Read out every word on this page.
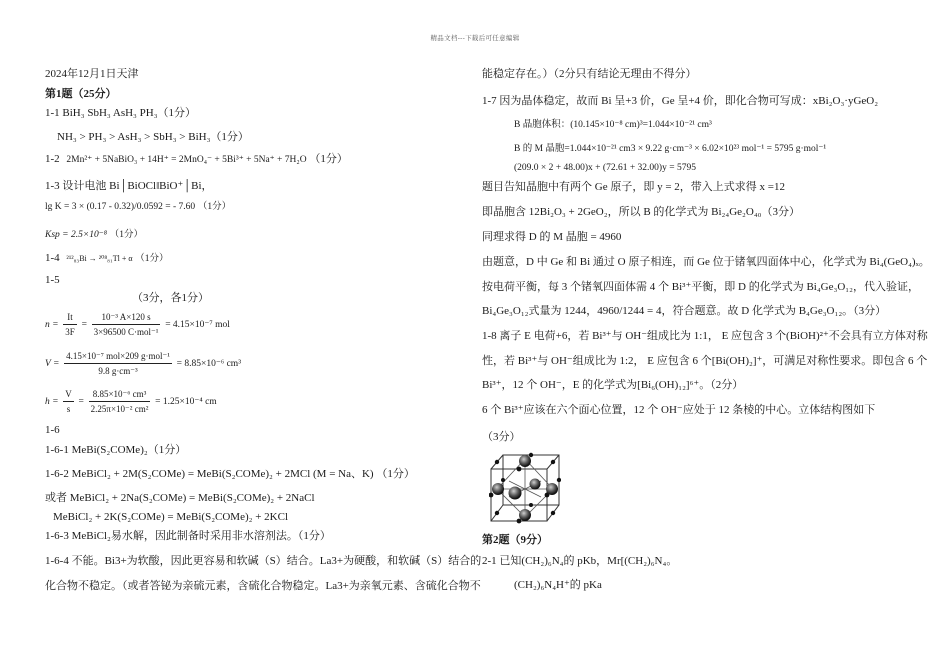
精品文档---下载后可任意编辑
2024年12月1日天津
第1题（25分）
1-1 BiH₃ SbH₃ AsH₃ PH₃（1分）
NH₃ > PH₃ > AsH₃ > SbH₃ > BiH₃（1分）
1-2 2Mn²⁺ + 5NaBiO₃ + 14H⁺ = 2MnO₄⁻ + 5Bi³⁺ + 5Na⁺ + 7H₂O （1分）
1-3 设计电池 Bi│BiOCl‖BiO⁺│Bi，
lg K = 3 × (0.17 - 0.32)/0.0592 = - 7.60 （1分）
Ksp = 2.5×10⁻⁸ （1分）
1-4 ²¹²₈₃Bi → ²⁰⁸₈₁Tl + α （1分）
1-5
（3分，各1分）
$n = \frac{It}{3F} = \frac{\text{10⁻³ A×120 s}}{\text{3×96500 C·mol⁻¹}} = 4.15\times 10^{-7}$ mol
$V = \frac{\text{4.15×10⁻⁷ mol×209 g·mol⁻¹}}{\text{9.8 g·cm⁻³}} = 8.85\times 10^{-6}$ cm³
$h = \frac{V}{s} = \frac{\text{8.85×10⁻⁶ cm³}}{\text{2.25π×10⁻² cm²}} = 1.25\times 10^{-4}$ cm
1-6
1-6-1 MeBi(S₂COMe)₂（1分）
1-6-2 MeBiCl₂ + 2M(S₂COMe) = MeBi(S₂COMe)₂ + 2MCl (M = Na、K) （1分）
或者 MeBiCl₂ + 2Na(S₂COMe) = MeBi(S₂COMe)₂ + 2NaCl
MeBiCl₂ + 2K(S₂COMe) = MeBi(S₂COMe)₂ + 2KCl
1-6-3 MeBiCl₂易水解，因此制备时采用非水溶剂法。（1分）
1-6-4 不能。Bi3+为软酸，因此更容易和软碱（S）结合。La3+为硬酸，和软碱（S）结合的
化合物不稳定。（或者答铋为亲硫元素，含硫化合物稳定。La3+为亲氧元素、含硫化合物不
能稳定存在。）（2分只有结论无理由不得分）
1-7 因为晶体稳定，故而 Bi 呈+3 价，Ge 呈+4 价，即化合物可写成：xBi₂O₃·yGeO₂
B 晶胞体积：(10.145×10⁻⁸ cm)³=1.044×10⁻²¹ cm³
B 的 M 晶胞=1.044×10⁻²¹ cm3 × 9.22 g·cm⁻³ × 6.02×10²³ mol⁻¹ = 5795 g·mol⁻¹
(209.0 × 2 + 48.00)x + (72.61 + 32.00)y = 5795
题目告知晶胞中有两个 Ge 原子，即 y = 2，带入上式求得 x =12
即晶胞含 12Bi₂O₃ + 2GeO₂，所以 B 的化学式为 Bi₂₄Ge₂O₄₀（3分）
同理求得 D 的 M 晶胞 = 4960
由题意，D 中 Ge 和 Bi 通过 O 原子相连，而 Ge 位于锗氧四面体中心，化学式为 Bi₄(GeO₄)ₓ。
按电荷平衡，每 3 个锗氧四面体需 4 个 Bi³⁺平衡，即 D 的化学式为 Bi₄Ge₃O₁₂，代入验证，
Bi₄Ge₃O₁₂式量为 1244，4960/1244 = 4，符合题意。故 D 化学式为 B₄Ge₃O₁₂。（3分）
1-8 离子 E 电荷+6，若 Bi³⁺与 OH⁻组成比为 1:1， E 应包含 3 个(BiOH)²⁺不会具有立方体对称
性，若 Bi³⁺与 OH⁻组成比为 1:2， E 应包含 6 个[Bi(OH)₂]⁺，可满足对称性要求。即包含 6 个
Bi³⁺，12 个 OH⁻，E 的化学式为[Bi₆(OH)₁₂]⁶⁺。（2分）
6 个 Bi³⁺应该在六个面心位置，12 个 OH⁻应处于 12 条棱的中心。立体结构图如下
（3分）
第2题（9分）
2-1 已知(CH₂)₆N₄的 pKb，Mr[(CH₂)₆N₄。
(CH₂)₆N₄H⁺的 pKa
